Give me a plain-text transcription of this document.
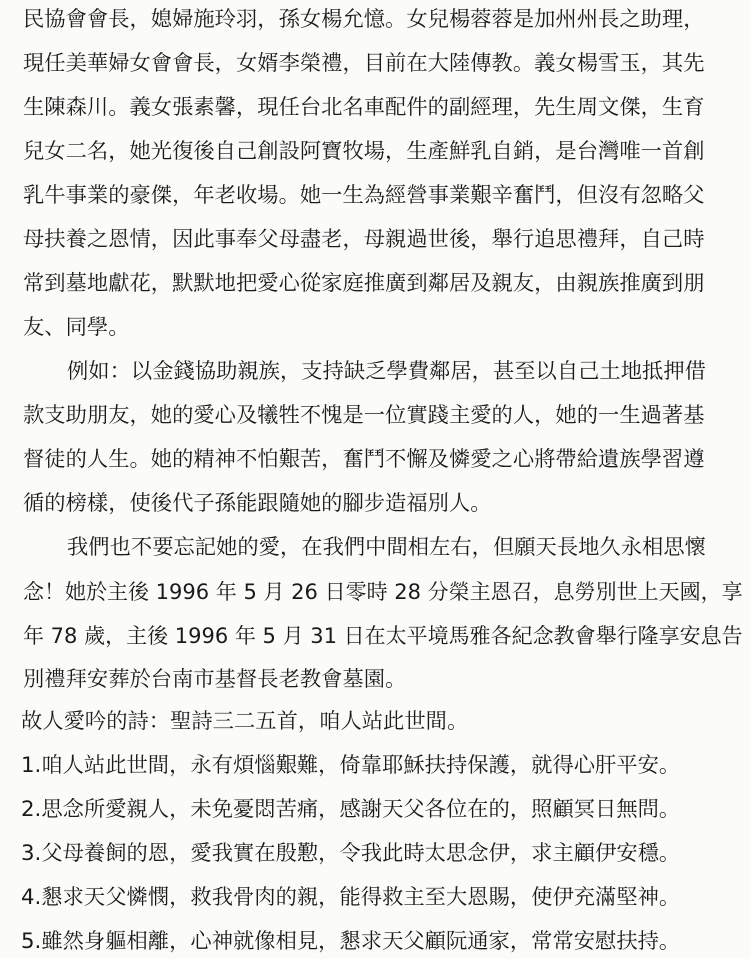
民協會會長，媳婦施玲羽，孫女楊允憶。女兒楊蓉蓉是加州州長之助理，
現任美華婦女會會長，女婿李榮禮，目前在大陸傳教。義女楊雪玉，其先
生陳森川。義女張素馨，現任台北名車配件的副經理，先生周文傑，生育
兒女二名，她光復後自己創設阿寶牧場，生產鮮乳自銷，是台灣唯一首創
乳牛事業的豪傑，年老收場。她一生為經營事業艱辛奮鬥，但沒有忽略父
母扶養之恩情，因此事奉父母盡老，母親過世後，舉行追思禮拜，自己時
常到墓地獻花，默默地把愛心從家庭推廣到鄰居及親友，由親族推廣到朋
友、同學。
例如：以金錢協助親族，支持缺乏學費鄰居，甚至以自己土地抵押借
款支助朋友，她的愛心及犧牲不愧是一位實踐主愛的人，她的一生過著基
督徒的人生。她的精神不怕艱苦，奮鬥不懈及憐愛之心將帶給遺族學習遵
循的榜樣，使後代子孫能跟隨她的腳步造福別人。
我們也不要忘記她的愛，在我們中間相左右，但願天長地久永相思懷
念！她於主後 1996 年 5 月 26 日零時 28 分榮主恩召，息勞別世上天國，享
年 78 歲，主後 1996 年 5 月 31 日在太平境馬雅各紀念教會舉行隆享安息告
別禮拜安葬於台南市基督長老教會墓園。
故人愛吟的詩：聖詩三二五首，咱人站此世間。
1.咱人站此世間，永有煩惱艱難，倚靠耶穌扶持保護，就得心肝平安。
2.思念所愛親人，未免憂悶苦痛，感謝天父各位在的，照顧冥日無問。
3.父母養飼的恩，愛我實在殷懃，令我此時太思念伊，求主顧伊安穩。
4.懇求天父憐憫，救我骨肉的親，能得救主至大恩賜，使伊充滿堅神。
5.雖然身軀相離，心神就像相見，懇求天父顧阮通家，常常安慰扶持。
